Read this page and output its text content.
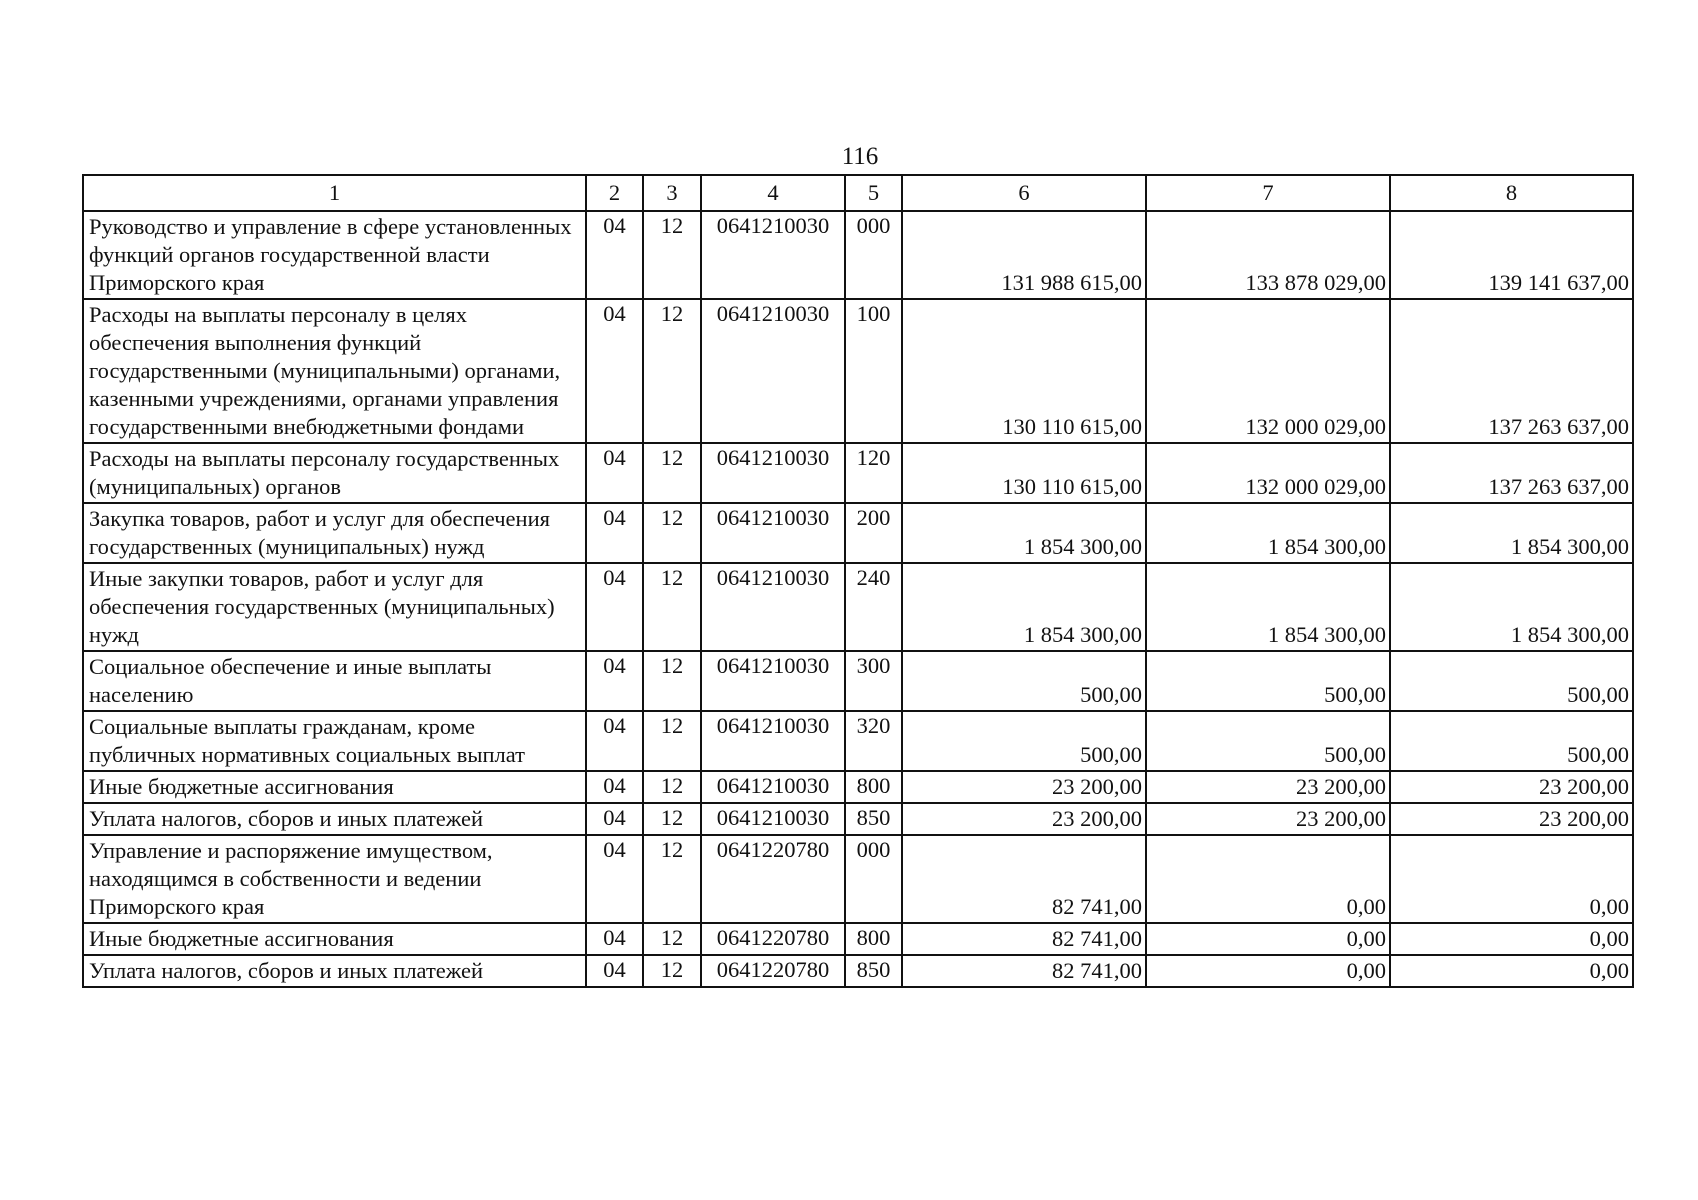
116
1	2	3	4	5	6	7	8
Руководство и управление в сфере установленных функций органов государственной власти Приморского края	04	12	0641210030	000	131 988 615,00	133 878 029,00	139 141 637,00
Расходы на выплаты персоналу в целях обеспечения выполнения функций государственными (муниципальными) органами, казенными учреждениями, органами управления государственными внебюджетными фондами	04	12	0641210030	100	130 110 615,00	132 000 029,00	137 263 637,00
Расходы на выплаты персоналу государственных (муниципальных) органов	04	12	0641210030	120	130 110 615,00	132 000 029,00	137 263 637,00
Закупка товаров, работ и услуг для обеспечения государственных (муниципальных) нужд	04	12	0641210030	200	1 854 300,00	1 854 300,00	1 854 300,00
Иные закупки товаров, работ и услуг для обеспечения государственных (муниципальных) нужд	04	12	0641210030	240	1 854 300,00	1 854 300,00	1 854 300,00
Социальное обеспечение и иные выплаты населению	04	12	0641210030	300	500,00	500,00	500,00
Социальные выплаты гражданам, кроме публичных нормативных социальных выплат	04	12	0641210030	320	500,00	500,00	500,00
Иные бюджетные ассигнования	04	12	0641210030	800	23 200,00	23 200,00	23 200,00
Уплата налогов, сборов и иных платежей	04	12	0641210030	850	23 200,00	23 200,00	23 200,00
Управление и распоряжение имуществом, находящимся в собственности и ведении Приморского края	04	12	0641220780	000	82 741,00	0,00	0,00
Иные бюджетные ассигнования	04	12	0641220780	800	82 741,00	0,00	0,00
Уплата налогов, сборов и иных платежей	04	12	0641220780	850	82 741,00	0,00	0,00
